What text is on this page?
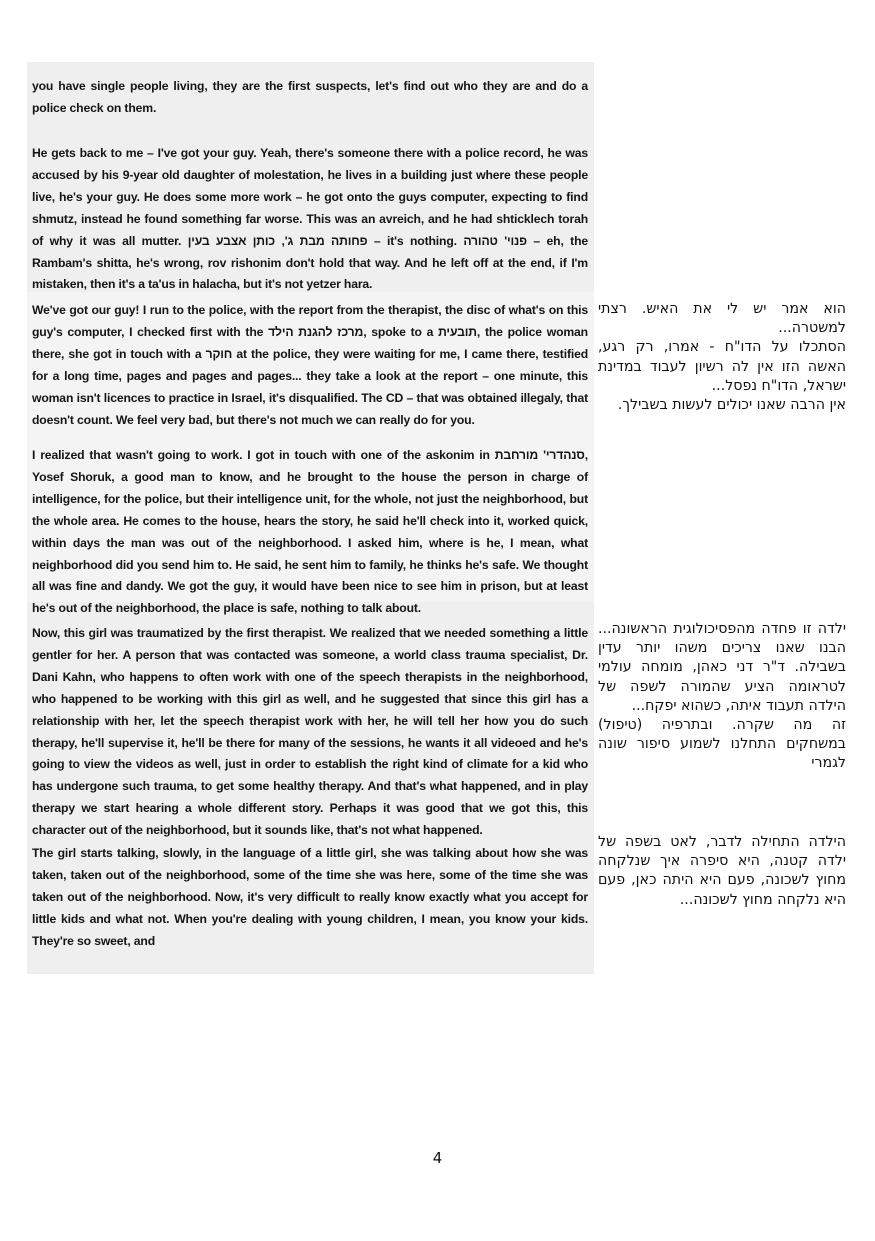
you have single people living, they are the first suspects, let's find out who they are and do a police check on them.

He gets back to me – I've got your guy. Yeah, there's someone there with a police record, he was accused by his 9-year old daughter of molestation, he lives in a building just where these people live, he's your guy. He does some more work – he got onto the guys computer, expecting to find shmutz, instead he found something far worse. This was an avreich, and he had shticklech torah of why it was all mutter. פחותה מבת ג', כותן אצבע בעין – it's nothing. פנוי' טהורה – eh, the Rambam's shitta, he's wrong, rov rishonim don't hold that way. And he left off at the end, if I'm mistaken, then it's a ta'us in halacha, but it's not yetzer hara.

We've got our guy! I run to the police, with the report from the therapist, the disc of what's on this guy's computer, I checked first with the מרכז להגנת הילד, spoke to a תובעית, the police woman there, she got in touch with a חוקר at the police, they were waiting for me, I came there, testified for a long time, pages and pages and pages... they take a look at the report – one minute, this woman isn't licences to practice in Israel, it's disqualified. The CD – that was obtained illegaly, that doesn't count. We feel very bad, but there's not much we can really do for you.

I realized that wasn't going to work. I got in touch with one of the askonim in סנהדרי' מורחבת, Yosef Shoruk, a good man to know, and he brought to the house the person in charge of intelligence, for the police, but their intelligence unit, for the whole, not just the neighborhood, but the whole area. He comes to the house, hears the story, he said he'll check into it, worked quick, within days the man was out of the neighborhood. I asked him, where is he, I mean, what neighborhood did you send him to. He said, he sent him to family, he thinks he's safe. We thought all was fine and dandy. We got the guy, it would have been nice to see him in prison, but at least he's out of the neighborhood, the place is safe, nothing to talk about.

Now, this girl was traumatized by the first therapist. We realized that we needed something a little gentler for her. A person that was contacted was someone, a world class trauma specialist, Dr. Dani Kahn, who happens to often work with one of the speech therapists in the neighborhood, who happened to be working with this girl as well, and he suggested that since this girl has a relationship with her, let the speech therapist work with her, he will tell her how you do such therapy, he'll supervise it, he'll be there for many of the sessions, he wants it all videoed and he's going to view the videos as well, just in order to establish the right kind of climate for a kid who has undergone such trauma, to get some healthy therapy. And that's what happened, and in play therapy we start hearing a whole different story. Perhaps it was good that we got this, this character out of the neighborhood, but it sounds like, that's not what happened.

The girl starts talking, slowly, in the language of a little girl, she was talking about how she was taken, taken out of the neighborhood, some of the time she was here, some of the time she was taken out of the neighborhood. Now, it's very difficult to really know exactly what you accept for little kids and what not. When you're dealing with young children, I mean, you know your kids. They're so sweet, and

הוא אמר יש לי את האיש. רצתי למשטרה...

הסתכלו על הדו"ח - אמרו, רק רגע, האשה הזו אין לה רשיון לעבוד במדינת ישראל, הדו"ח נפסל...

אין הרבה שאנו יכולים לעשות בשבילך.

ילדה זו פחדה מהפסיכולוגית הראשונה... הבנו שאנו צריכים משהו יותר עדין בשבילה. ד"ר דני כאהן, מומחה עולמי לטראומה הציע שהמורה לשפה של הילדה תעבוד איתה, כשהוא יפקח...

זה מה שקרה. ובתרפיה (טיפול) במשחקים התחלנו לשמוע סיפור שונה לגמרי

הילדה התחילה לדבר, לאט בשפה של ילדה קטנה, היא סיפרה איך שנלקחה מחוץ לשכונה, פעם היא היתה כאן, פעם היא נלקחה מחוץ לשכונה...

4
